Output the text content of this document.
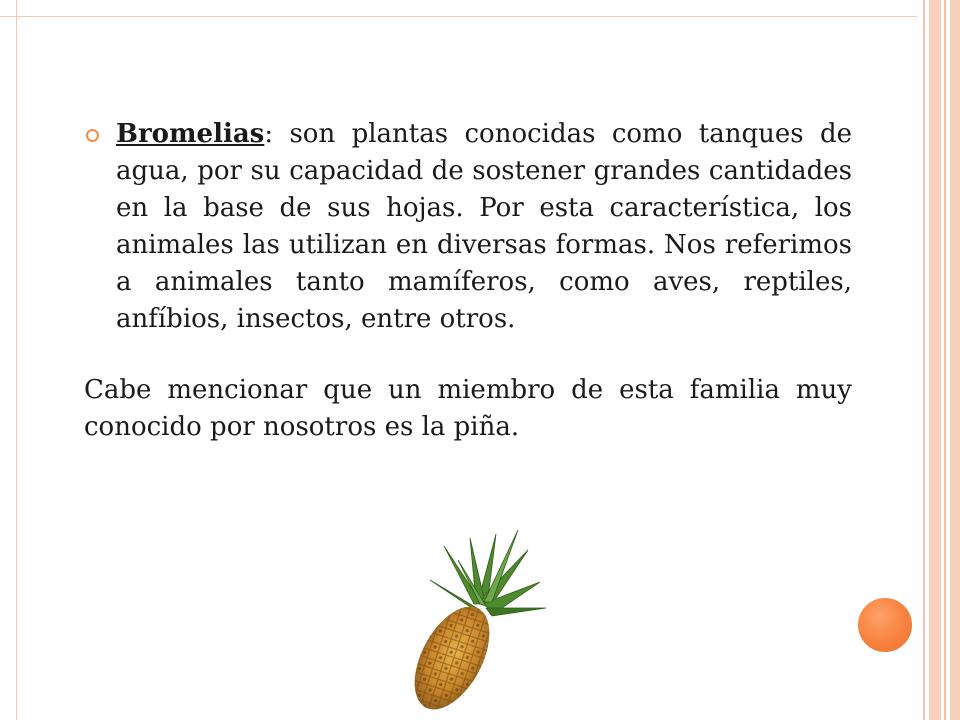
Bromelias: son plantas conocidas como tanques de agua, por su capacidad de sostener grandes cantidades en la base de sus hojas. Por esta característica, los animales las utilizan en diversas formas. Nos referimos a animales tanto mamíferos, como aves, reptiles, anfíbios, insectos, entre otros.
Cabe mencionar que un miembro de esta familia muy conocido por nosotros es la piña.
